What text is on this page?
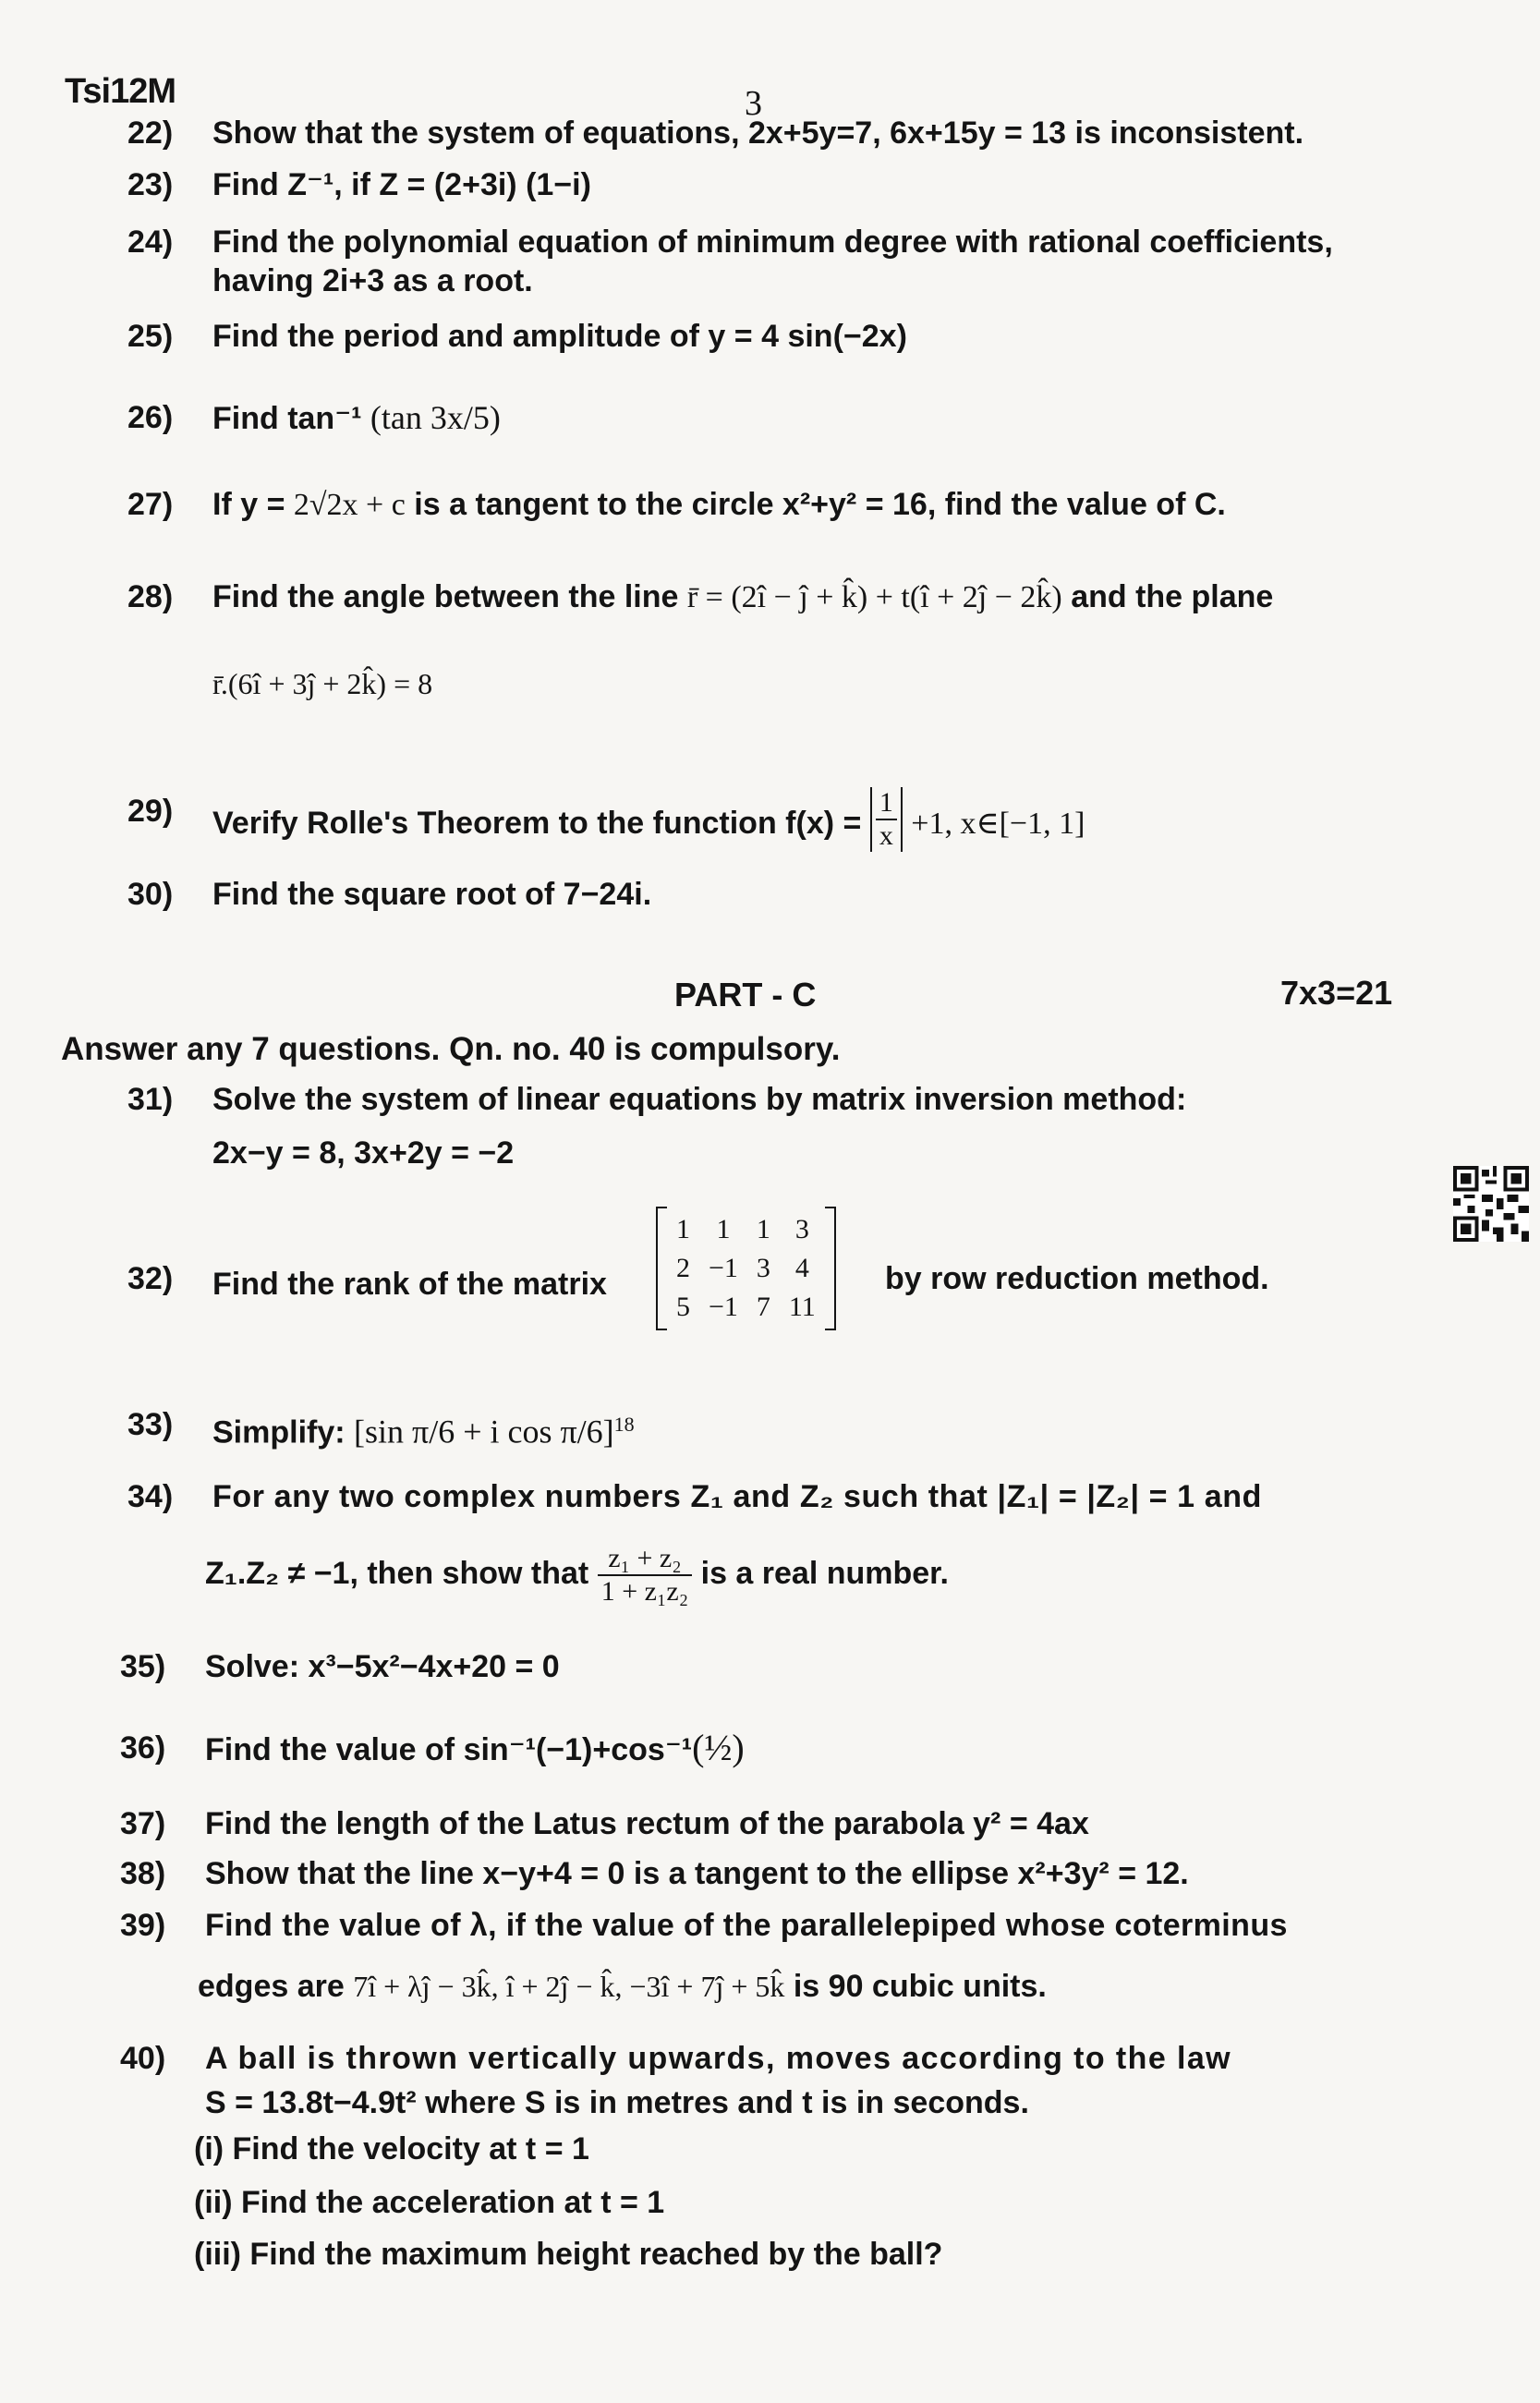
Tsi12M	3
22) Show that the system of equations, 2x+5y=7, 6x+15y = 13 is inconsistent.
23) Find Z⁻¹, if Z = (2+3i) (1−i)
24) Find the polynomial equation of minimum degree with rational coefficients,
having 2i+3 as a root.
25) Find the period and amplitude of y = 4 sin(−2x)
26) Find tan⁻¹ (tan 3x/5)
27) If y = 2√2x + c is a tangent to the circle x²+y² = 16, find the value of C.
28) Find the angle between the line r̄ = (2î − ĵ + k̂) + t(î + 2ĵ − 2k̂) and the plane
r̄.(6î + 3ĵ + 2k̂) = 8
29) Verify Rolle's Theorem to the function $f(x) = \frac{1}{x} +1$, x∈[−1, 1]
30) Find the square root of 7−24i.
PART - C	7x3=21
Answer any 7 questions. Qn. no. 40 is compulsory.
31) Solve the system of linear equations by matrix inversion method:
2x−y = 8, 3x+2y = −2
32) Find the rank of the matrix
1	1	1	3
2	−1	3	4
5	−1	7	11
by row reduction method.
33) Simplify: [sin π/6 + i cos π/6]$^{18}$
34) For any two complex numbers Z₁ and Z₂ such that |Z₁| = |Z₂| = 1 and
Z₁.Z₂ ≠ −1, then show that $\frac{\text{z₁ + z₂}}{\text{1 + z₁z₂}}$ is a real number.
35) Solve: x³−5x²−4x+20 = 0
36) Find the value of sin⁻¹(−1)+cos⁻¹(½)
37) Find the length of the Latus rectum of the parabola y² = 4ax
38) Show that the line x−y+4 = 0 is a tangent to the ellipse x²+3y² = 12.
39) Find the value of λ, if the value of the parallelepiped whose coterminus
edges are 7î + λĵ − 3k̂, î + 2ĵ − k̂, −3î + 7ĵ + 5k̂ is 90 cubic units.
40) A ball is thrown vertically upwards, moves according to the law
S = 13.8t−4.9t² where S is in metres and t is in seconds.
(i) Find the velocity at t = 1
(ii) Find the acceleration at t = 1
(iii) Find the maximum height reached by the ball?
